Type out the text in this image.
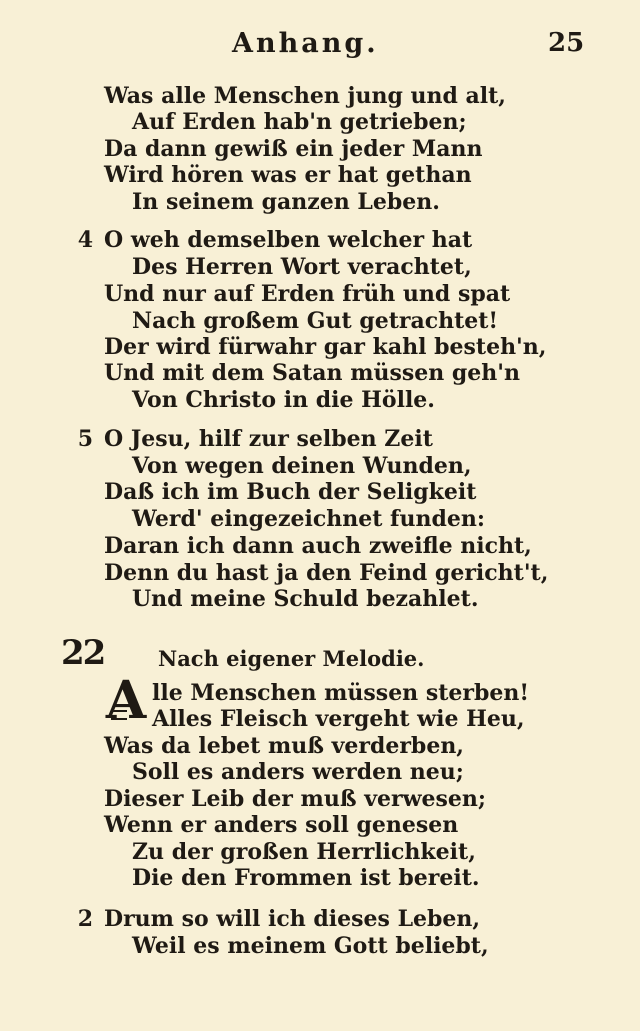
Anhang.	25
Was alle Menschen jung und alt,
Auf Erden hab'n getrieben;
Da dann gewiß ein jeder Mann
Wird hören was er hat gethan
In seinem ganzen Leben.
4 O weh demselben welcher hat
Des Herren Wort verachtet,
Und nur auf Erden früh und spat
Nach großem Gut getrachtet!
Der wird fürwahr gar kahl besteh'n,
Und mit dem Satan müssen geh'n
Von Christo in die Hölle.
5 O Jesu, hilf zur selben Zeit
Von wegen deinen Wunden,
Daß ich im Buch der Seligkeit
Werd' eingezeichnet funden:
Daran ich dann auch zweifle nicht,
Denn du hast ja den Feind gericht't,
Und meine Schuld bezahlet.
22	Nach eigener Melodie.
A lle Menschen müssen sterben!
Alles Fleisch vergeht wie Heu,
Was da lebet muß verderben,
Soll es anders werden neu;
Dieser Leib der muß verwesen;
Wenn er anders soll genesen
Zu der großen Herrlichkeit,
Die den Frommen ist bereit.
2 Drum so will ich dieses Leben,
Weil es meinem Gott beliebt,
